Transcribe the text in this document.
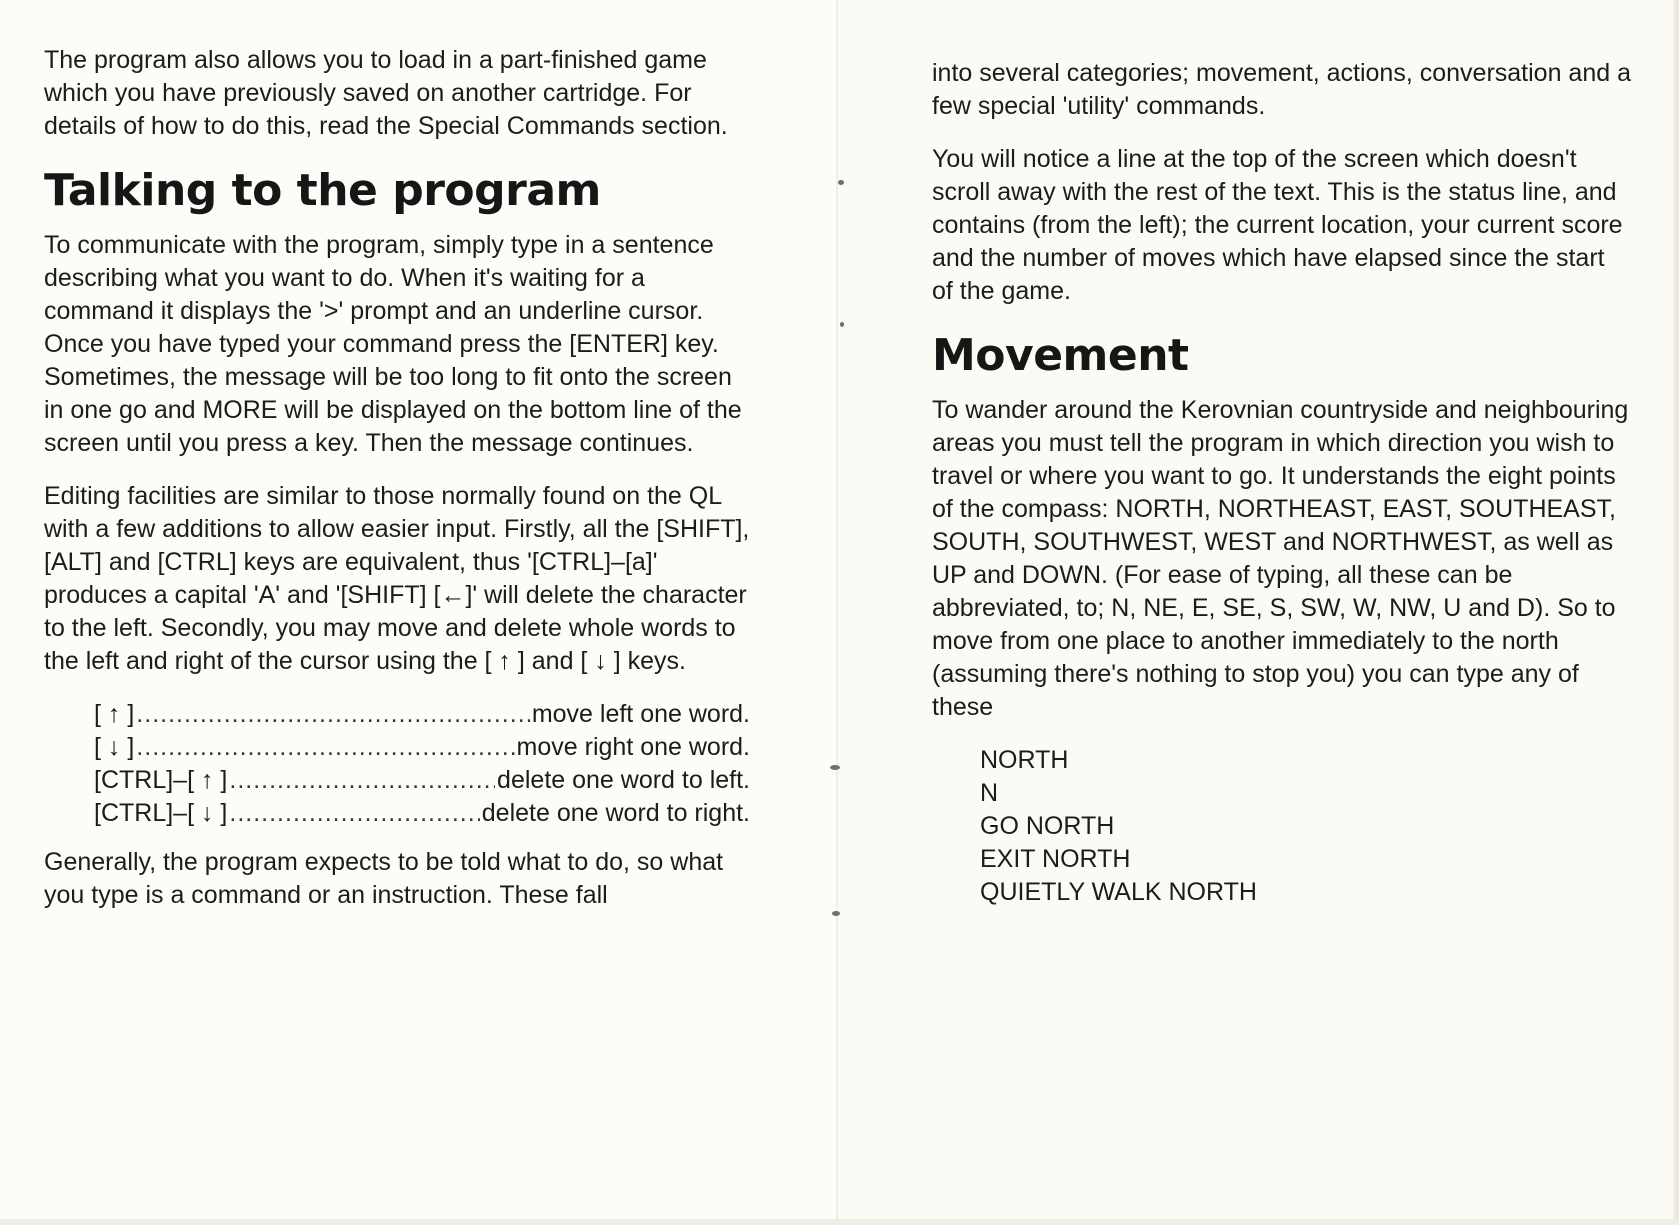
The program also allows you to load in a part-finished game which you have previously saved on another cartridge. For details of how to do this, read the Special Commands section.

Talking to the program

To communicate with the program, simply type in a sentence describing what you want to do. When it's waiting for a command it displays the '>' prompt and an underline cursor. Once you have typed your command press the [ENTER] key. Sometimes, the message will be too long to fit onto the screen in one go and MORE will be displayed on the bottom line of the screen until you press a key. Then the message continues.

Editing facilities are similar to those normally found on the QL with a few additions to allow easier input. Firstly, all the [SHIFT], [ALT] and [CTRL] keys are equivalent, thus '[CTRL]–[a]' produces a capital 'A' and '[SHIFT] [←]' will delete the character to the left. Secondly, you may move and delete whole words to the left and right of the cursor using the [ ↑ ] and [ ↓ ] keys.

[ ↑ ] .....	move left one word.
[ ↓ ] .....	move right one word.
[CTRL]–[ ↑ ] .....	delete one word to left.
[CTRL]–[ ↓ ] .....	delete one word to right.

Generally, the program expects to be told what to do, so what you type is a command or an instruction. These fall

into several categories; movement, actions, conversation and a few special 'utility' commands.

You will notice a line at the top of the screen which doesn't scroll away with the rest of the text. This is the status line, and contains (from the left); the current location, your current score and the number of moves which have elapsed since the start of the game.

Movement

To wander around the Kerovnian countryside and neighbouring areas you must tell the program in which direction you wish to travel or where you want to go. It understands the eight points of the compass: NORTH, NORTHEAST, EAST, SOUTHEAST, SOUTH, SOUTHWEST, WEST and NORTHWEST, as well as UP and DOWN. (For ease of typing, all these can be abbreviated, to; N, NE, E, SE, S, SW, W, NW, U and D). So to move from one place to another immediately to the north (assuming there's nothing to stop you) you can type any of these

NORTH
N
GO NORTH
EXIT NORTH
QUIETLY WALK NORTH
